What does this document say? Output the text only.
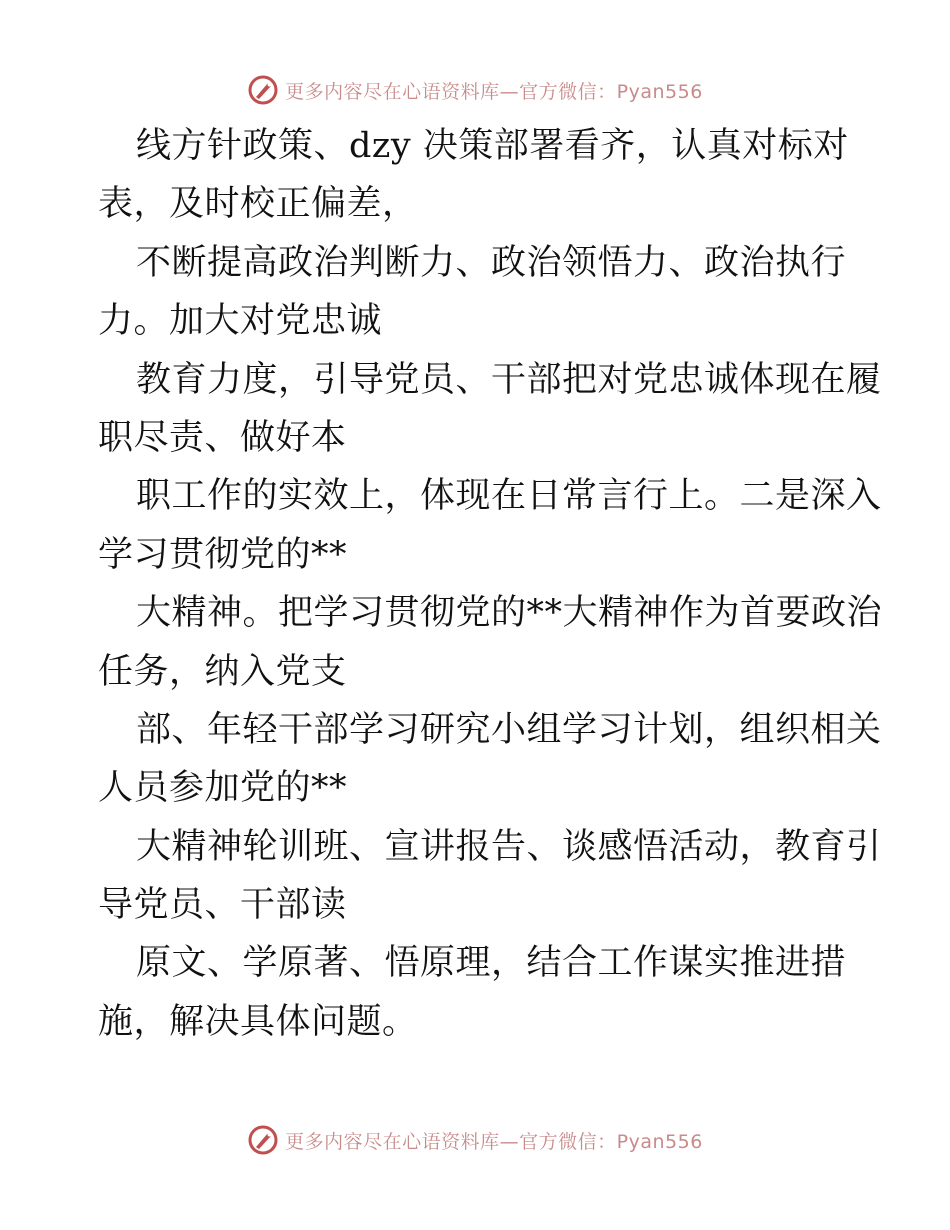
更多内容尽在心语资料库—官方微信：Pyan556
线方针政策、dzy 决策部署看齐，认真对标对
表，及时校正偏差，
不断提高政治判断力、政治领悟力、政治执行
力。加大对党忠诚
教育力度，引导党员、干部把对党忠诚体现在履
职尽责、做好本
职工作的实效上，体现在日常言行上。二是深入
学习贯彻党的**
大精神。把学习贯彻党的**大精神作为首要政治
任务，纳入党支
部、年轻干部学习研究小组学习计划，组织相关
人员参加党的**
大精神轮训班、宣讲报告、谈感悟活动，教育引
导党员、干部读
原文、学原著、悟原理，结合工作谋实推进措
施，解决具体问题。
更多内容尽在心语资料库—官方微信：Pyan556
